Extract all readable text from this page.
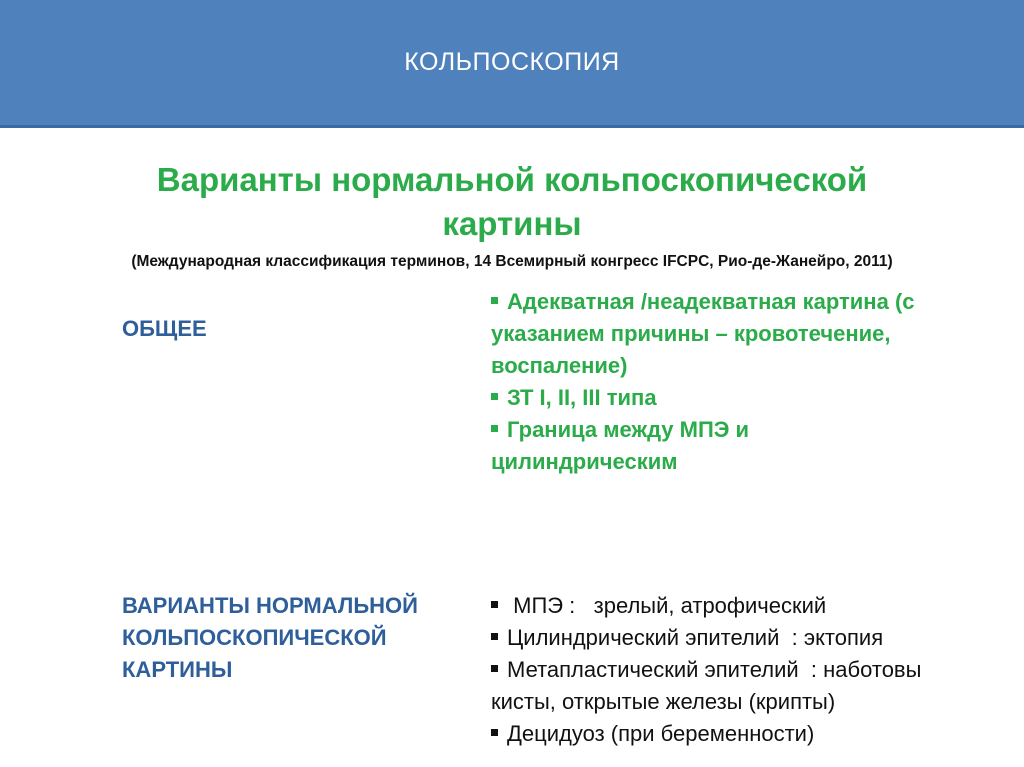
КОЛЬПОСКОПИЯ
Варианты нормальной кольпоскопической
картины
(Международная классификация терминов, 14 Всемирный конгресс IFCPC, Рио-де-Жанейро, 2011)
ОБЩЕЕ
Адекватная /неадекватная картина (с
указанием причины – кровотечение,
воспаление)
ЗТ I, II, III типа
Граница между МПЭ и
цилиндрическим
ВАРИАНТЫ НОРМАЛЬНОЙ
КОЛЬПОСКОПИЧЕСКОЙ
КАРТИНЫ
МПЭ :   зрелый, атрофический
Цилиндрический эпителий  : эктопия
Метапластический эпителий  : наботовы
кисты, открытые железы (крипты)
Децидуоз (при беременности)
